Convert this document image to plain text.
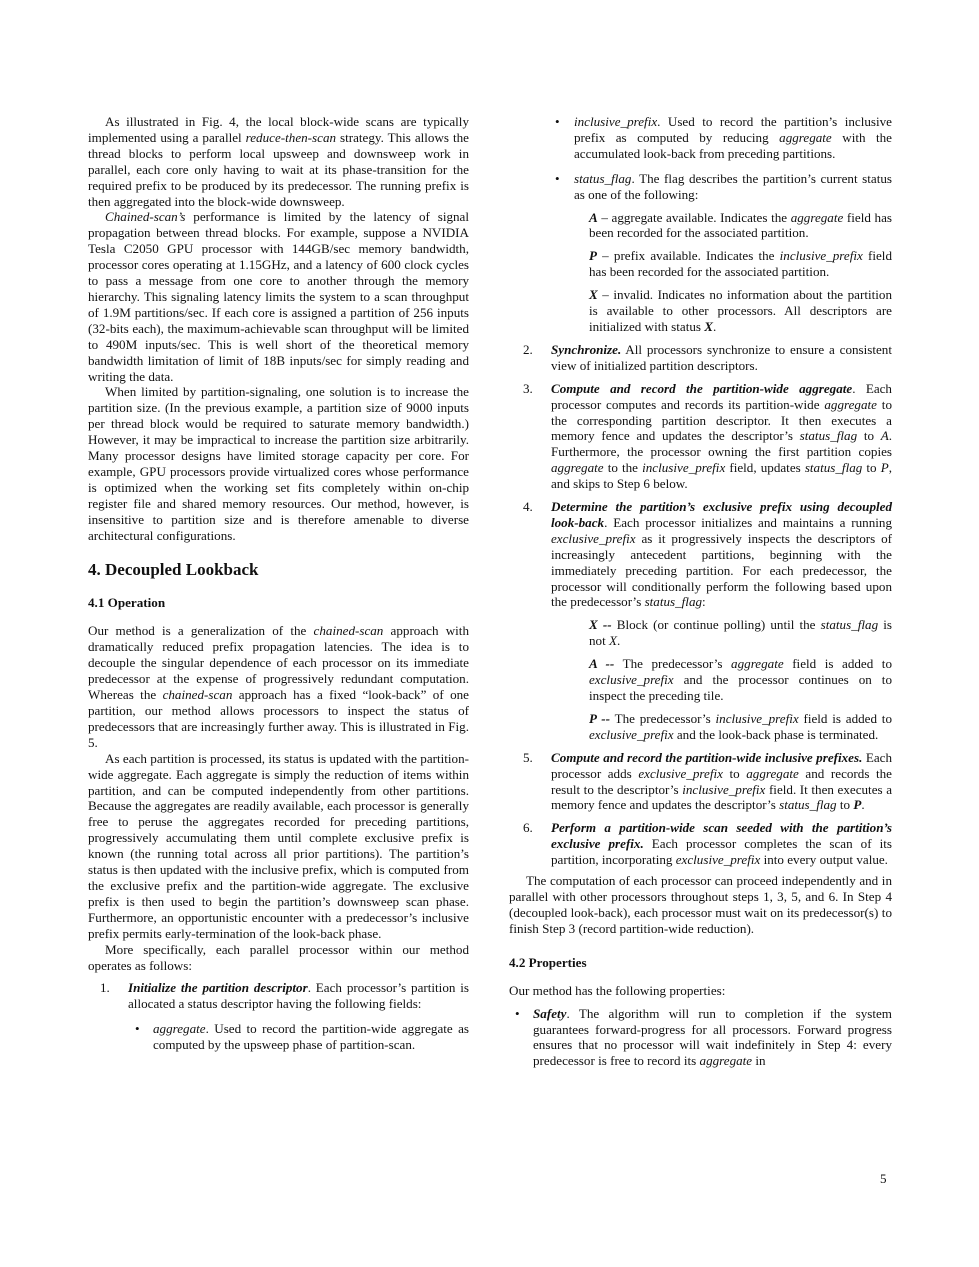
As illustrated in Fig. 4, the local block-wide scans are typically implemented using a parallel reduce-then-scan strategy. This allows the thread blocks to perform local upsweep and downsweep work in parallel, each core only having to wait at its phase-transition for the required prefix to be produced by its predecessor. The running prefix is then aggregated into the block-wide downsweep.

Chained-scan’s performance is limited by the latency of signal propagation between thread blocks. For example, suppose a NVIDIA Tesla C2050 GPU processor with 144GB/sec memory bandwidth, processor cores operating at 1.15GHz, and a latency of 600 clock cycles to pass a message from one core to another through the memory hierarchy. This signaling latency limits the system to a scan throughput of 1.9M partitions/sec. If each core is assigned a partition of 256 inputs (32-bits each), the maximum-achievable scan throughput will be limited to 490M inputs/sec. This is well short of the theoretical memory bandwidth limitation of limit of 18B inputs/sec for simply reading and writing the data.

When limited by partition-signaling, one solution is to increase the partition size. (In the previous example, a partition size of 9000 inputs per thread block would be required to saturate memory bandwidth.) However, it may be impractical to increase the partition size arbitrarily. Many processor designs have limited storage capacity per core. For example, GPU processors provide virtualized cores whose performance is optimized when the working set fits completely within on-chip register file and shared memory resources. Our method, however, is insensitive to partition size and is therefore amenable to diverse architectural configurations.

4. Decoupled Lookback
4.1 Operation

Our method is a generalization of the chained-scan approach with dramatically reduced prefix propagation latencies. The idea is to decouple the singular dependence of each processor on its immediate predecessor at the expense of progressively redundant computation. Whereas the chained-scan approach has a fixed “look-back” of one partition, our method allows processors to inspect the status of predecessors that are increasingly further away. This is illustrated in Fig. 5.

As each partition is processed, its status is updated with the partition-wide aggregate. Each aggregate is simply the reduction of items within partition, and can be computed independently from other partitions. Because the aggregates are readily available, each processor is generally free to peruse the aggregates recorded for preceding partitions, progressively accumulating them until complete exclusive prefix is known (the running total across all prior partitions). The partition’s status is then updated with the inclusive prefix, which is computed from the exclusive prefix and the partition-wide aggregate. The exclusive prefix is then used to begin the partition’s downsweep scan phase. Furthermore, an opportunistic encounter with a predecessor’s inclusive prefix permits early-termination of the look-back phase.

More specifically, each parallel processor within our method operates as follows:

1. Initialize the partition descriptor. Each processor’s partition is allocated a status descriptor having the following fields:

• aggregate. Used to record the partition-wide aggregate as computed by the upsweep phase of partition-scan.

• inclusive_prefix. Used to record the partition’s inclusive prefix as computed by reducing aggregate with the accumulated look-back from preceding partitions.

• status_flag. The flag describes the partition’s current status as one of the following:

A – aggregate available. Indicates the aggregate field has been recorded for the associated partition.

P – prefix available. Indicates the inclusive_prefix field has been recorded for the associated partition.

X – invalid. Indicates no information about the partition is available to other processors. All descriptors are initialized with status X.

2. Synchronize. All processors synchronize to ensure a consistent view of initialized partition descriptors.

3. Compute and record the partition-wide aggregate. Each processor computes and records its partition-wide aggregate to the corresponding partition descriptor. It then executes a memory fence and updates the descriptor’s status_flag to A. Furthermore, the processor owning the first partition copies aggregate to the inclusive_prefix field, updates status_flag to P, and skips to Step 6 below.

4. Determine the partition’s exclusive prefix using decoupled look-back. Each processor initializes and maintains a running exclusive_prefix as it progressively inspects the descriptors of increasingly antecedent partitions, beginning with the immediately preceding partition. For each predecessor, the processor will conditionally perform the following based upon the predecessor’s status_flag:

X -- Block (or continue polling) until the status_flag is not X.

A -- The predecessor’s aggregate field is added to exclusive_prefix and the processor continues on to inspect the preceding tile.

P -- The predecessor’s inclusive_prefix field is added to exclusive_prefix and the look-back phase is terminated.

5. Compute and record the partition-wide inclusive prefixes. Each processor adds exclusive_prefix to aggregate and records the result to the descriptor’s inclusive_prefix field. It then executes a memory fence and updates the descriptor’s status_flag to P.

6. Perform a partition-wide scan seeded with the partition’s exclusive prefix. Each processor completes the scan of its partition, incorporating exclusive_prefix into every output value.

The computation of each processor can proceed independently and in parallel with other processors throughout steps 1, 3, 5, and 6. In Step 4 (decoupled look-back), each processor must wait on its predecessor(s) to finish Step 3 (record partition-wide reduction).

4.2 Properties

Our method has the following properties:

• Safety. The algorithm will run to completion if the system guarantees forward-progress for all processors. Forward progress ensures that no processor will wait indefinitely in Step 4: every predecessor is free to record its aggregate in

5
